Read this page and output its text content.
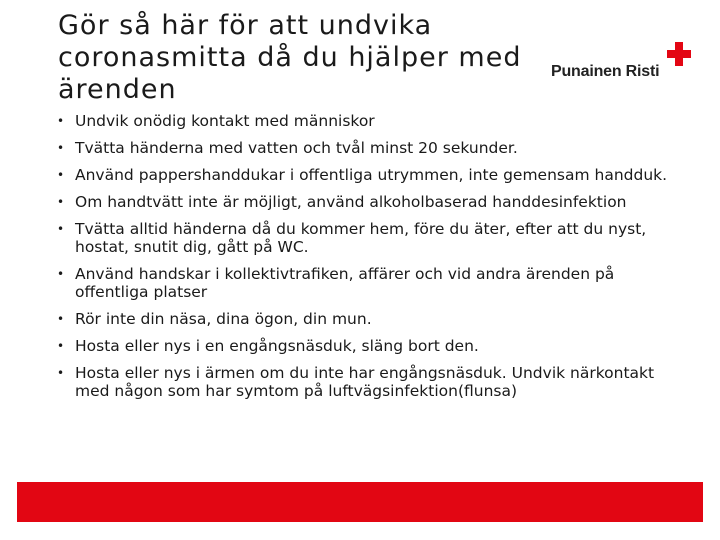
Gör så här för att undvika
coronasmitta då du hjälper med
ärenden
Punainen Risti
• Undvik onödig kontakt med människor
• Tvätta händerna med vatten och tvål minst 20 sekunder.
• Använd pappershanddukar i offentliga utrymmen, inte gemensam handduk.
• Om handtvätt inte är möjligt, använd alkoholbaserad handdesinfektion
• Tvätta alltid händerna då du kommer hem, före du äter, efter att du nyst, hostat, snutit dig, gått på WC.
• Använd handskar i kollektivtrafiken, affärer och vid andra ärenden på offentliga platser
• Rör inte din näsa, dina ögon, din mun.
• Hosta eller nys i en engångsnäsduk, släng bort den.
• Hosta eller nys i ärmen om du inte har engångsnäsduk. Undvik närkontakt med någon som har symtom på luftvägsinfektion(flunsa)
